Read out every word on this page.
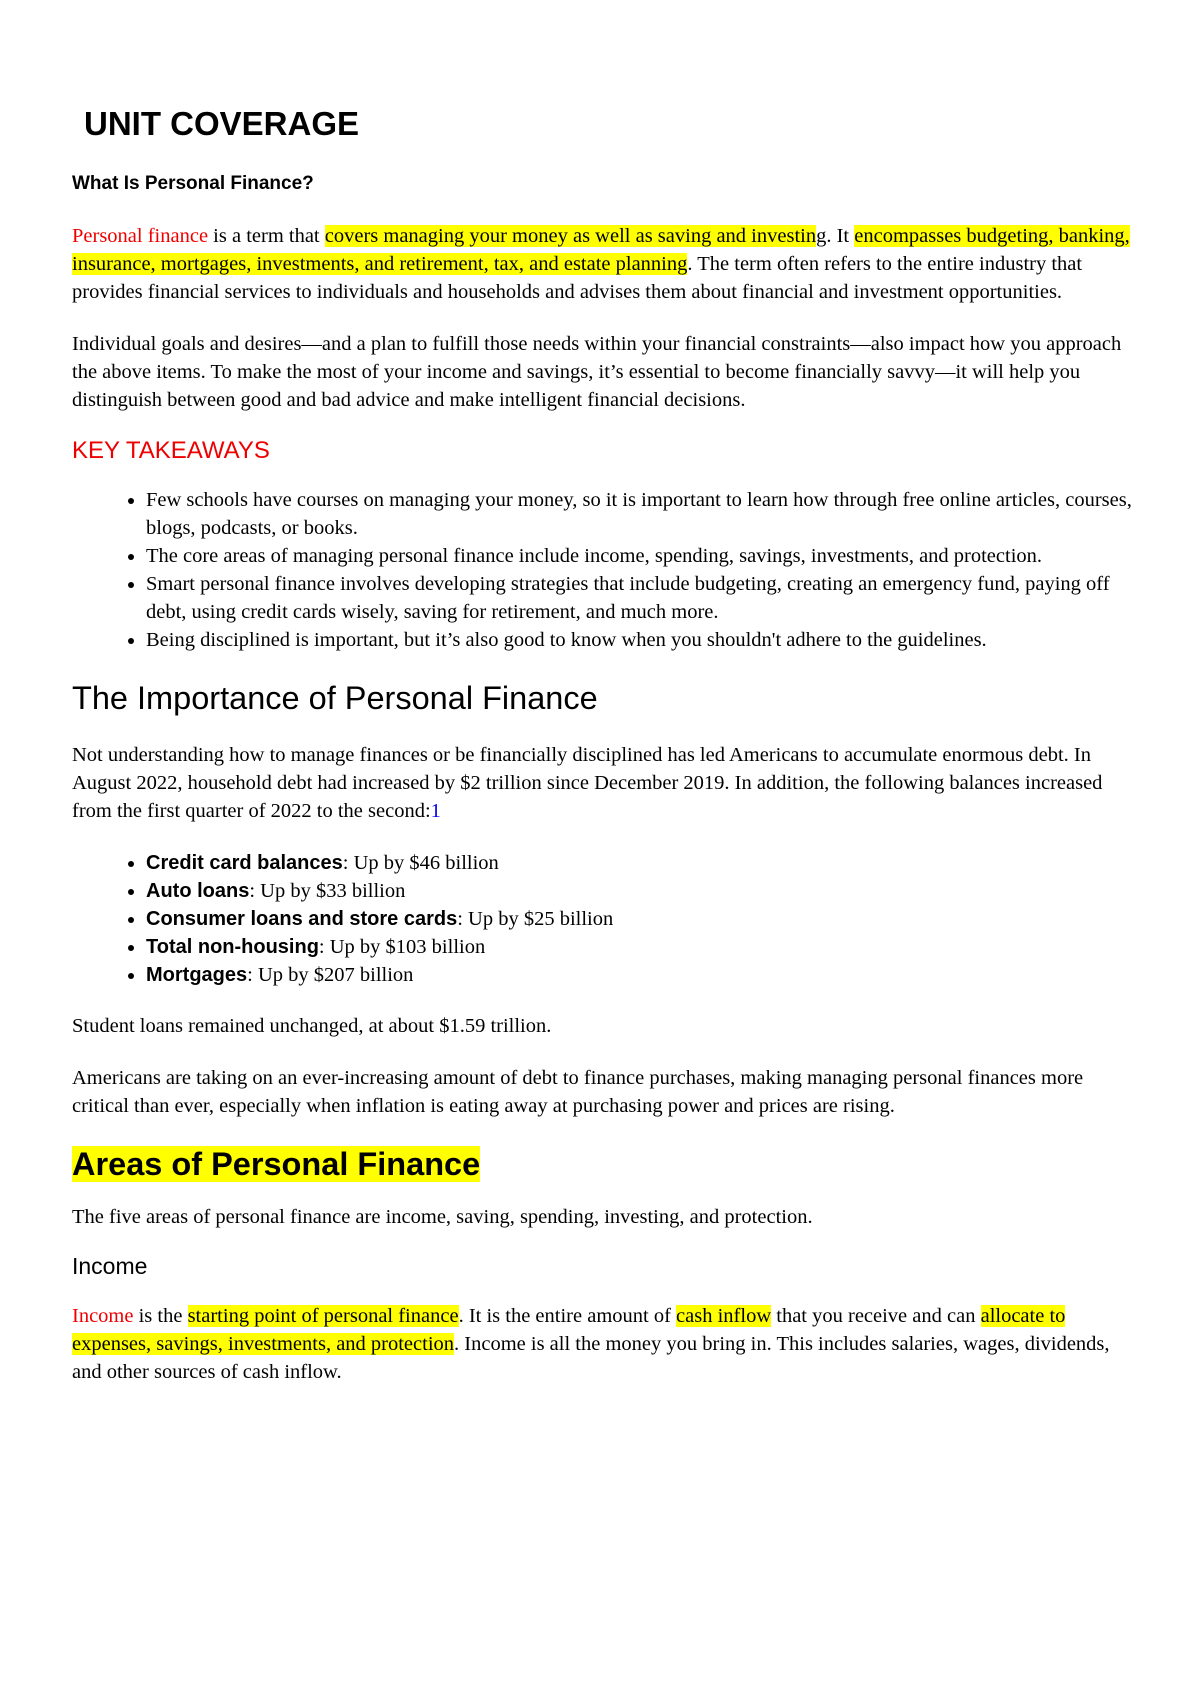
UNIT COVERAGE
What Is Personal Finance?

Personal finance is a term that covers managing your money as well as saving and investing. It encompasses budgeting, banking, insurance, mortgages, investments, and retirement, tax, and estate planning. The term often refers to the entire industry that provides financial services to individuals and households and advises them about financial and investment opportunities.

Individual goals and desires—and a plan to fulfill those needs within your financial constraints—also impact how you approach the above items. To make the most of your income and savings, it’s essential to become financially savvy—it will help you distinguish between good and bad advice and make intelligent financial decisions.

KEY TAKEAWAYS
• Few schools have courses on managing your money, so it is important to learn how through free online articles, courses, blogs, podcasts, or books.
• The core areas of managing personal finance include income, spending, savings, investments, and protection.
• Smart personal finance involves developing strategies that include budgeting, creating an emergency fund, paying off debt, using credit cards wisely, saving for retirement, and much more.
• Being disciplined is important, but it’s also good to know when you shouldn't adhere to the guidelines.
The Importance of Personal Finance

Not understanding how to manage finances or be financially disciplined has led Americans to accumulate enormous debt. In August 2022, household debt had increased by $2 trillion since December 2019. In addition, the following balances increased from the first quarter of 2022 to the second:1

• Credit card balances: Up by $46 billion
• Auto loans: Up by $33 billion
• Consumer loans and store cards: Up by $25 billion
• Total non-housing: Up by $103 billion
• Mortgages: Up by $207 billion

Student loans remained unchanged, at about $1.59 trillion.

Americans are taking on an ever-increasing amount of debt to finance purchases, making managing personal finances more critical than ever, especially when inflation is eating away at purchasing power and prices are rising.

Areas of Personal Finance

The five areas of personal finance are income, saving, spending, investing, and protection.

Income

Income is the starting point of personal finance. It is the entire amount of cash inflow that you receive and can allocate to expenses, savings, investments, and protection. Income is all the money you bring in. This includes salaries, wages, dividends, and other sources of cash inflow.
